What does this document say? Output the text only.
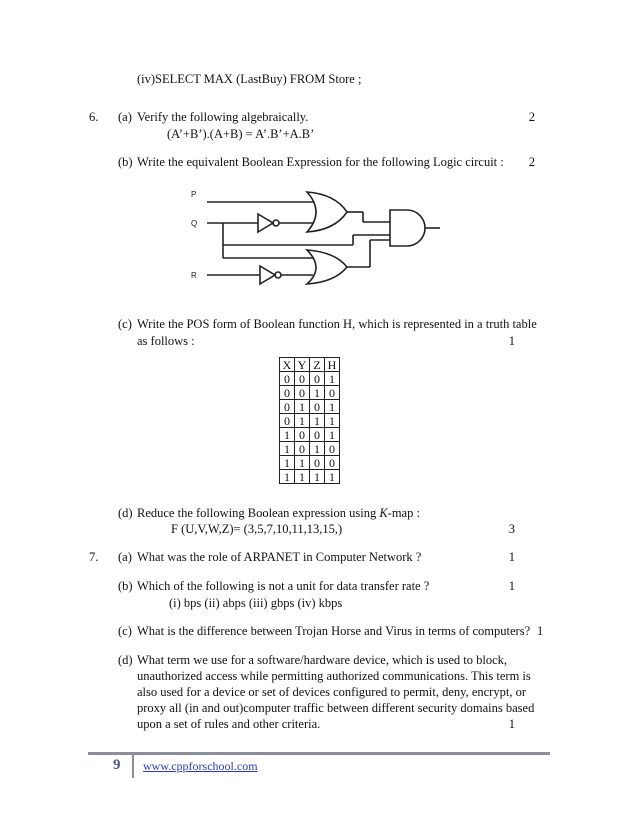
(iv)SELECT MAX (LastBuy) FROM Store ;
6. (a) Verify the following algebraically.	2
(A’+B’).(A+B) = A’.B’+A.B’
(b) Write the equivalent Boolean Expression for the following Logic circuit :	2
P
Q
R
(c) Write the POS form of Boolean function H, which is represented in a truth table
as follows :	1
X	Y	Z	H
0	0	0	1
0	0	1	0
0	1	0	1
0	1	1	1
1	0	0	1
1	0	1	0
1	1	0	0
1	1	1	1
(d) Reduce the following Boolean expression using K-map :
F (U,V,W,Z)= (3,5,7,10,11,13,15,)	3
7. (a) What was the role of ARPANET in Computer Network ?	1
(b) Which of the following is not a unit for data transfer rate ?	1
(i) bps (ii) abps (iii) gbps (iv) kbps
(c) What is the difference between Trojan Horse and Virus in terms of computers? 1
(d) What term we use for a software/hardware device, which is used to block,
unauthorized access while permitting authorized communications. This term is
also used for a device or set of devices configured to permit, deny, encrypt, or
proxy all (in and out)computer traffic between different security domains based
upon a set of rules and other criteria.	1
9 www.cppforschool.com
